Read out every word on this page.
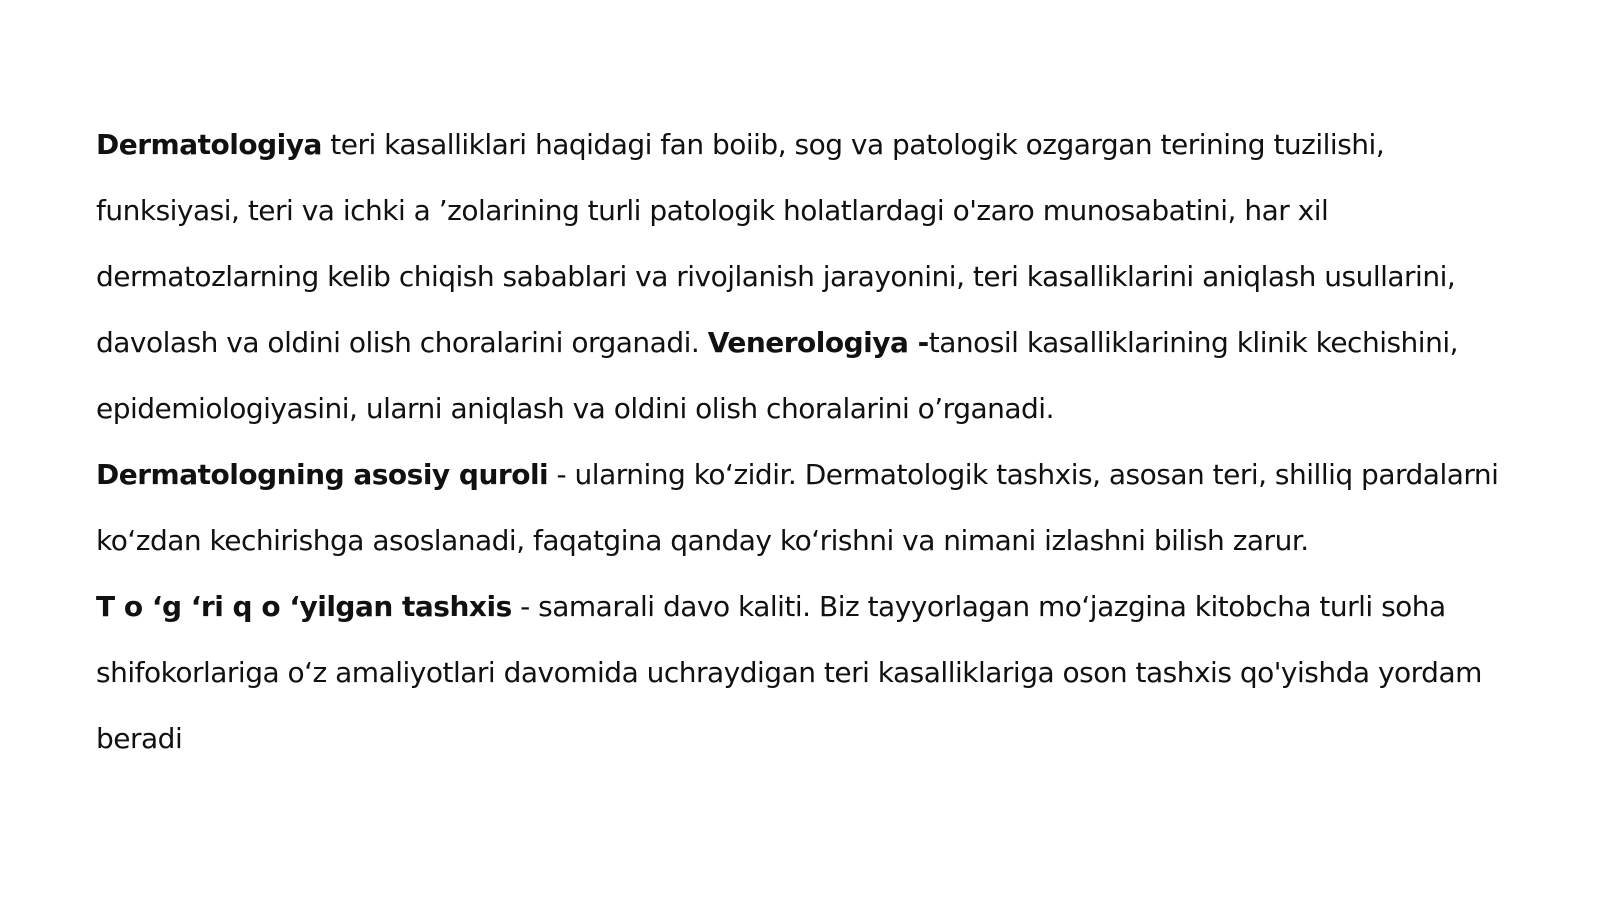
Dermatologiya teri kasalliklari haqidagi fan boiib, sog va patologik ozgargan terining tuzilishi, funksiyasi, teri va ichki a ’zolarining turli patologik holatlardagi o'zaro munosabatini, har xil dermatozlarning kelib chiqish sabablari va rivojlanish jarayonini, teri kasalliklarini aniqlash usullarini, davolash va oldini olish choralarini organadi. Venerologiya -tanosil kasalliklarining klinik kechishini, epidemiologiyasini, ularni aniqlash va oldini olish choralarini o’rganadi.
Dermatologning asosiy quroli - ularning ko‘zidir. Dermatologik tashxis, asosan teri, shilliq pardalarni ko‘zdan kechirishga asoslanadi, faqatgina qanday ko‘rishni va nimani izlashni bilish zarur.
T o ‘g ‘ri q o ‘yilgan tashxis - samarali davo kaliti. Biz tayyorlagan mo‘jazgina kitobcha turli soha shifokorlariga o‘z amaliyotlari davomida uchraydigan teri kasalliklariga oson tashxis qo'yishda yordam beradi
